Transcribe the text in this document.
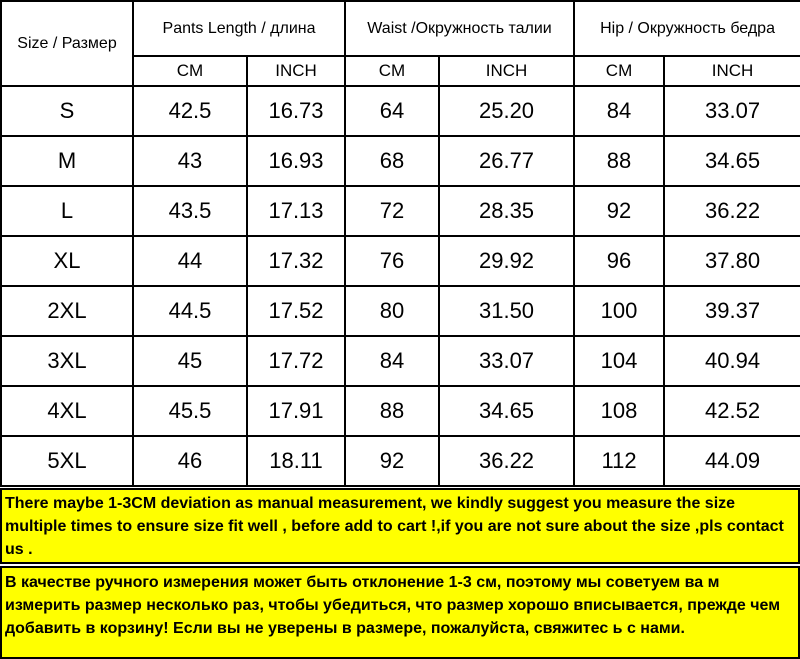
Size / Размер	Pants Length / длина		Waist /Окружность талии		Hip / Окружность бедра	
	CM	INCH	CM	INCH	CM	INCH
S	42.5	16.73	64	25.20	84	33.07
M	43	16.93	68	26.77	88	34.65
L	43.5	17.13	72	28.35	92	36.22
XL	44	17.32	76	29.92	96	37.80
2XL	44.5	17.52	80	31.50	100	39.37
3XL	45	17.72	84	33.07	104	40.94
4XL	45.5	17.91	88	34.65	108	42.52
5XL	46	18.11	92	36.22	112	44.09
There maybe 1-3CM deviation as manual measurement, we kindly suggest you measure the size multiple times to ensure size fit well , before add to cart !,if you are not sure about the size ,pls contact us .
В качестве ручного измерения может быть отклонение 1-3 см, поэтому мы советуем ва м измерить размер несколько раз, чтобы убедиться, что размер хорошо вписывается, прежде чем добавить в корзину! Если вы не уверены в размере, пожалуйста, свяжитес ь с нами.
